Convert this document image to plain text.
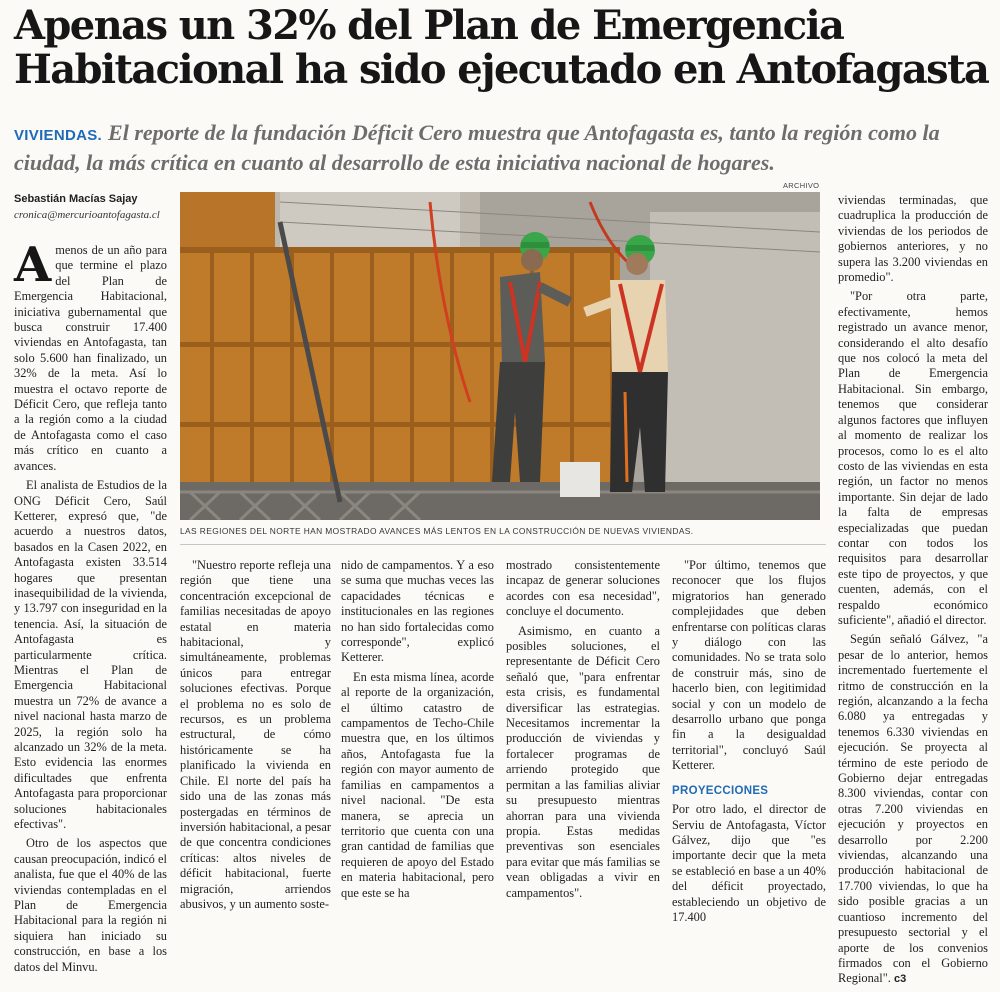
Apenas un 32% del Plan de Emergencia
Habitacional ha sido ejecutado en Antofagasta
VIVIENDAS. El reporte de la fundación Déficit Cero muestra que Antofagasta es, tanto la región como la ciudad, la más crítica en cuanto al desarrollo de esta iniciativa nacional de hogares.
Sebastián Macías Sajay
cronica@mercurioantofagasta.cl
ARCHIVO
LAS REGIONES DEL NORTE HAN MOSTRADO AVANCES MÁS LENTOS EN LA CONSTRUCCIÓN DE NUEVAS VIVIENDAS.

Amenos de un año para que termine el plazo del Plan de Emergencia Habitacional, iniciativa gubernamental que busca construir 17.400 viviendas en Antofagasta, tan solo 5.600 han finalizado, un 32% de la meta. Así lo muestra el octavo reporte de Déficit Cero, que refleja tanto a la región como a la ciudad de Antofagasta como el caso más crítico en cuanto a avances.

El analista de Estudios de la ONG Déficit Cero, Saúl Ketterer, expresó que, "de acuerdo a nuestros datos, basados en la Casen 2022, en Antofagasta existen 33.514 hogares que presentan inasequibilidad de la vivienda, y 13.797 con inseguridad en la tenencia. Así, la situación de Antofagasta es particularmente crítica. Mientras el Plan de Emergencia Habitacional muestra un 72% de avance a nivel nacional hasta marzo de 2025, la región solo ha alcanzado un 32% de la meta. Esto evidencia las enormes dificultades que enfrenta Antofagasta para proporcionar soluciones habitacionales efectivas".

Otro de los aspectos que causan preocupación, indicó el analista, fue que el 40% de las viviendas contempladas en el Plan de Emergencia Habitacional para la región ni siquiera han iniciado su construcción, en base a los datos del Minvu.

"Nuestro reporte refleja una región que tiene una concentración excepcional de familias necesitadas de apoyo estatal en materia habitacional, y simultáneamente, problemas únicos para entregar soluciones efectivas. Porque el problema no es solo de recursos, es un problema estructural, de cómo históricamente se ha planificado la vivienda en Chile. El norte del país ha sido una de las zonas más postergadas en términos de inversión habitacional, a pesar de que concentra condiciones críticas: altos niveles de déficit habitacional, fuerte migración, arriendos abusivos, y un aumento soste-

nido de campamentos. Y a eso se suma que muchas veces las capacidades técnicas e institucionales en las regiones no han sido fortalecidas como corresponde", explicó Ketterer.

En esta misma línea, acorde al reporte de la organización, el último catastro de campamentos de Techo-Chile muestra que, en los últimos años, Antofagasta fue la región con mayor aumento de familias en campamentos a nivel nacional. "De esta manera, se aprecia un territorio que cuenta con una gran cantidad de familias que requieren de apoyo del Estado en materia habitacional, pero que este se ha

mostrado consistentemente incapaz de generar soluciones acordes con esa necesidad", concluye el documento.

Asimismo, en cuanto a posibles soluciones, el representante de Déficit Cero señaló que, "para enfrentar esta crisis, es fundamental diversificar las estrategias. Necesitamos incrementar la producción de viviendas y fortalecer programas de arriendo protegido que permitan a las familias aliviar su presupuesto mientras ahorran para una vivienda propia. Estas medidas preventivas son esenciales para evitar que más familias se vean obligadas a vivir en campamentos".

"Por último, tenemos que reconocer que los flujos migratorios han generado complejidades que deben enfrentarse con políticas claras y diálogo con las comunidades. No se trata solo de construir más, sino de hacerlo bien, con legitimidad social y con un modelo de desarrollo urbano que ponga fin a la desigualdad territorial", concluyó Saúl Ketterer.

PROYECCIONES

Por otro lado, el director de Serviu de Antofagasta, Víctor Gálvez, dijo que "es importante decir que la meta se estableció en base a un 40% del déficit proyectado, estableciendo un objetivo de 17.400

viviendas terminadas, que cuadruplica la producción de viviendas de los periodos de gobiernos anteriores, y no supera las 3.200 viviendas en promedio".

"Por otra parte, efectivamente, hemos registrado un avance menor, considerando el alto desafío que nos colocó la meta del Plan de Emergencia Habitacional. Sin embargo, tenemos que considerar algunos factores que influyen al momento de realizar los procesos, como lo es el alto costo de las viviendas en esta región, un factor no menos importante. Sin dejar de lado la falta de empresas especializadas que puedan contar con todos los requisitos para desarrollar este tipo de proyectos, y que cuenten, además, con el respaldo económico suficiente", añadió el director.

Según señaló Gálvez, "a pesar de lo anterior, hemos incrementado fuertemente el ritmo de construcción en la región, alcanzando a la fecha 6.080 ya entregadas y tenemos 6.330 viviendas en ejecución. Se proyecta al término de este periodo de Gobierno dejar entregadas 8.300 viviendas, contar con otras 7.200 viviendas en ejecución y proyectos en desarrollo por 2.200 viviendas, alcanzando una producción habitacional de 17.700 viviendas, lo que ha sido posible gracias a un cuantioso incremento del presupuesto sectorial y el aporte de los convenios firmados con el Gobierno Regional". c3
